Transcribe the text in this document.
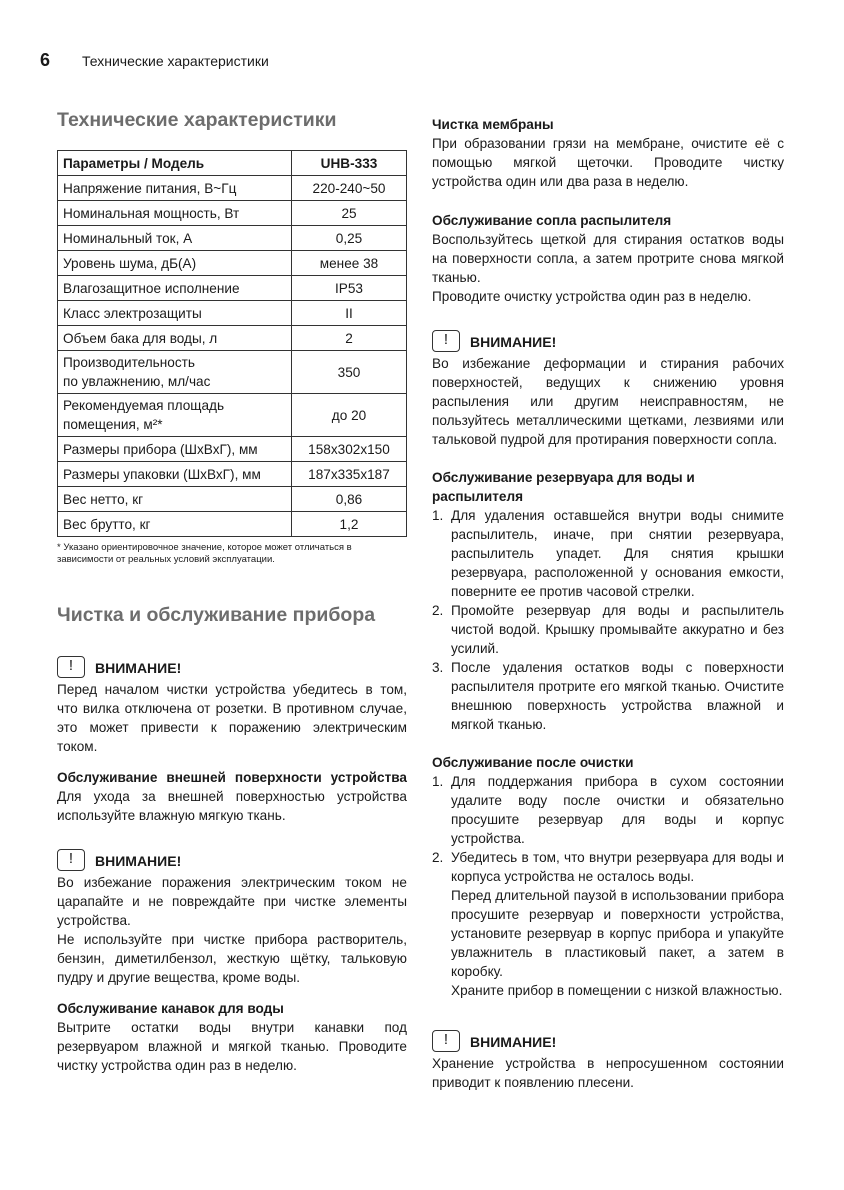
6 Технические характеристики
Технические характеристики
Параметры / Модель	UHB-333
Напряжение питания, В~Гц	220-240~50
Номинальная мощность, Вт	25
Номинальный ток, А	0,25
Уровень шума, дБ(А)	менее 38
Влагозащитное исполнение	IP53
Класс электрозащиты	II
Объем бака для воды, л	2
Производительность
по увлажнению, мл/час	350
Рекомендуемая площадь
помещения, м²*	до 20
Размеры прибора (ШхВхГ), мм	158x302x150
Размеры упаковки (ШхВхГ), мм	187x335x187
Вес нетто, кг	0,86
Вес брутто, кг	1,2

* Указано ориентировочное значение, которое может отличаться в зависимости от реальных условий эксплуатации.

Чистка и обслуживание прибора
!
ВНИМАНИЕ!

Перед началом чистки устройства убедитесь в том, что вилка отключена от розетки. В противном случае, это может привести к поражению электрическим током.

Обслуживание внешней поверхности устройства

Для ухода за внешней поверхностью устройства используйте влажную мягкую ткань.

!
ВНИМАНИЕ!

Во избежание поражения электрическим током не царапайте и не повреждайте при чистке элементы устройства.

Не используйте при чистке прибора растворитель, бензин, диметилбензол, жесткую щётку, тальковую пудру и другие вещества, кроме воды.

Обслуживание канавок для воды

Вытрите остатки воды внутри канавки под резервуаром влажной и мягкой тканью. Проводите чистку устройства один раз в неделю.

Чистка мембраны

При образовании грязи на мембране, очистите её с помощью мягкой щеточки. Проводите чистку устройства один или два раза в неделю.

Обслуживание сопла распылителя

Воспользуйтесь щеткой для стирания остатков воды на поверхности сопла, а затем протрите снова мягкой тканью.

Проводите очистку устройства один раз в неделю.

!
ВНИМАНИЕ!

Во избежание деформации и стирания рабочих поверхностей, ведущих к снижению уровня распыления или другим неисправностям, не пользуйтесь металлическими щетками, лезвиями или тальковой пудрой для протирания поверхности сопла.

Обслуживание резервуара для воды и распылителя

1. Для удаления оставшейся внутри воды снимите распылитель, иначе, при снятии резервуара, распылитель упадет. Для снятия крышки резервуара, расположенной у основания емкости, поверните ее против часовой стрелки.
2. Промойте резервуар для воды и распылитель чистой водой. Крышку промывайте аккуратно и без усилий.
3. После удаления остатков воды с поверхности распылителя протрите его мягкой тканью. Очистите внешнюю поверхность устройства влажной и мягкой тканью.

Обслуживание после очистки

1. Для поддержания прибора в сухом состоянии удалите воду после очистки и обязательно просушите резервуар для воды и корпус устройства.
2. Убедитесь в том, что внутри резервуара для воды и корпуса устройства не осталось воды.

Перед длительной паузой в использовании прибора просушите резервуар и поверхности устройства, установите резервуар в корпус прибора и упакуйте увлажнитель в пластиковый пакет, а затем в коробку.

Храните прибор в помещении с низкой влажностью.

!
ВНИМАНИЕ!

Хранение устройства в непросушенном состоянии приводит к появлению плесени.
